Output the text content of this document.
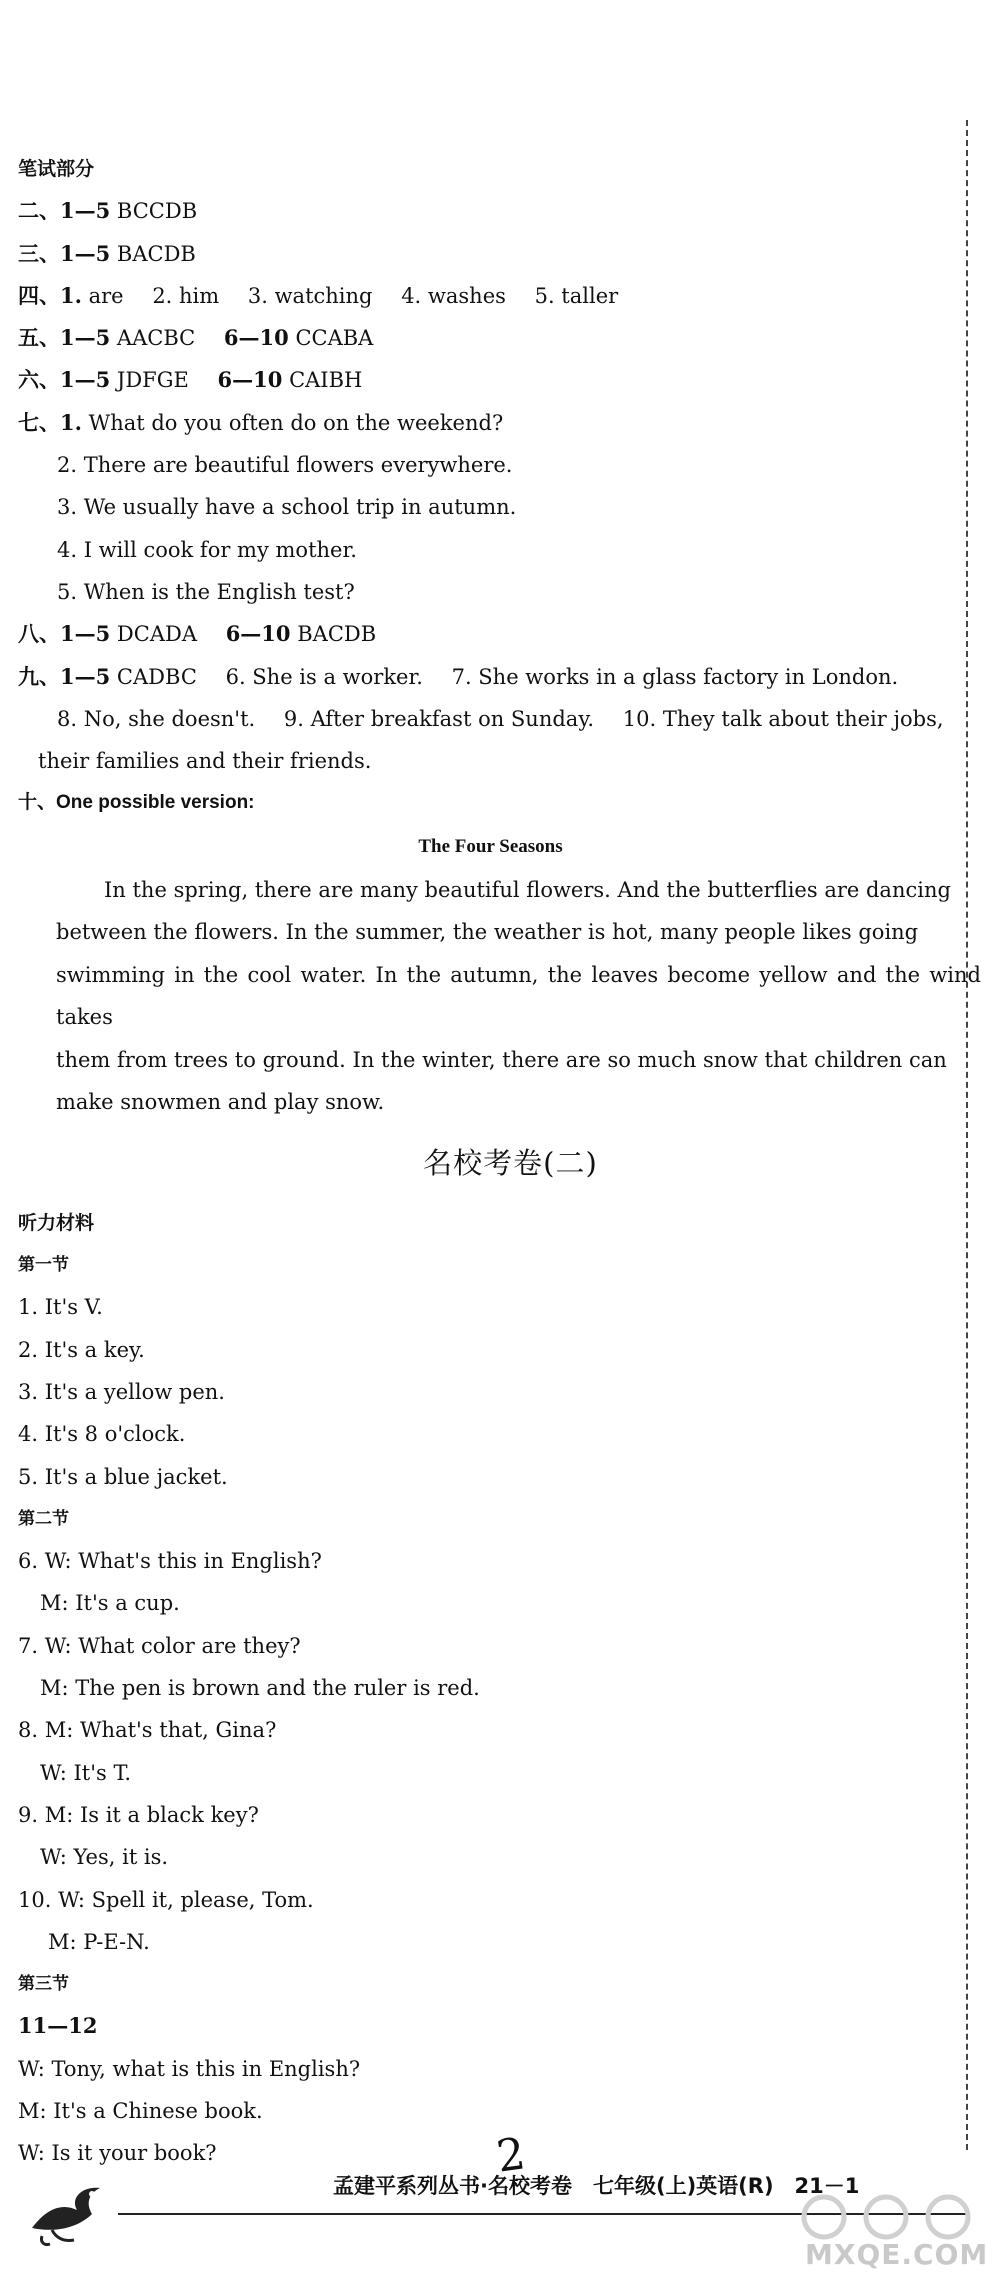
笔试部分
二、1—5 BCCDB
三、1—5 BACDB
四、1. are 2. him 3. watching 4. washes 5. taller
五、1—5 AACBC 6—10 CCABA
六、1—5 JDFGE 6—10 CAIBH
七、1. What do you often do on the weekend?
2. There are beautiful flowers everywhere.
3. We usually have a school trip in autumn.
4. I will cook for my mother.
5. When is the English test?
八、1—5 DCADA 6—10 BACDB
九、1—5 CADBC 6. She is a worker. 7. She works in a glass factory in London.
8. No, she doesn't. 9. After breakfast on Sunday. 10. They talk about their jobs,
their families and their friends.
十、One possible version:
The Four Seasons
In the spring, there are many beautiful flowers. And the butterflies are dancing
between the flowers. In the summer, the weather is hot, many people likes going
swimming in the cool water. In the autumn, the leaves become yellow and the wind takes
them from trees to ground. In the winter, there are so much snow that children can
make snowmen and play snow.
名校考卷(二)
听力材料
第一节
1. It's V.
2. It's a key.
3. It's a yellow pen.
4. It's 8 o'clock.
5. It's a blue jacket.
第二节
6. W: What's this in English?
M: It's a cup.
7. W: What color are they?
M: The pen is brown and the ruler is red.
8. M: What's that, Gina?
W: It's T.
9. M: Is it a black key?
W: Yes, it is.
10. W: Spell it, please, Tom.
M: P-E-N.
第三节
11—12
W: Tony, what is this in English?
M: It's a Chinese book.
W: Is it your book?	2
孟建平系列丛书·名校考卷　七年级(上)英语(R)　21－1
MXQE.COM
